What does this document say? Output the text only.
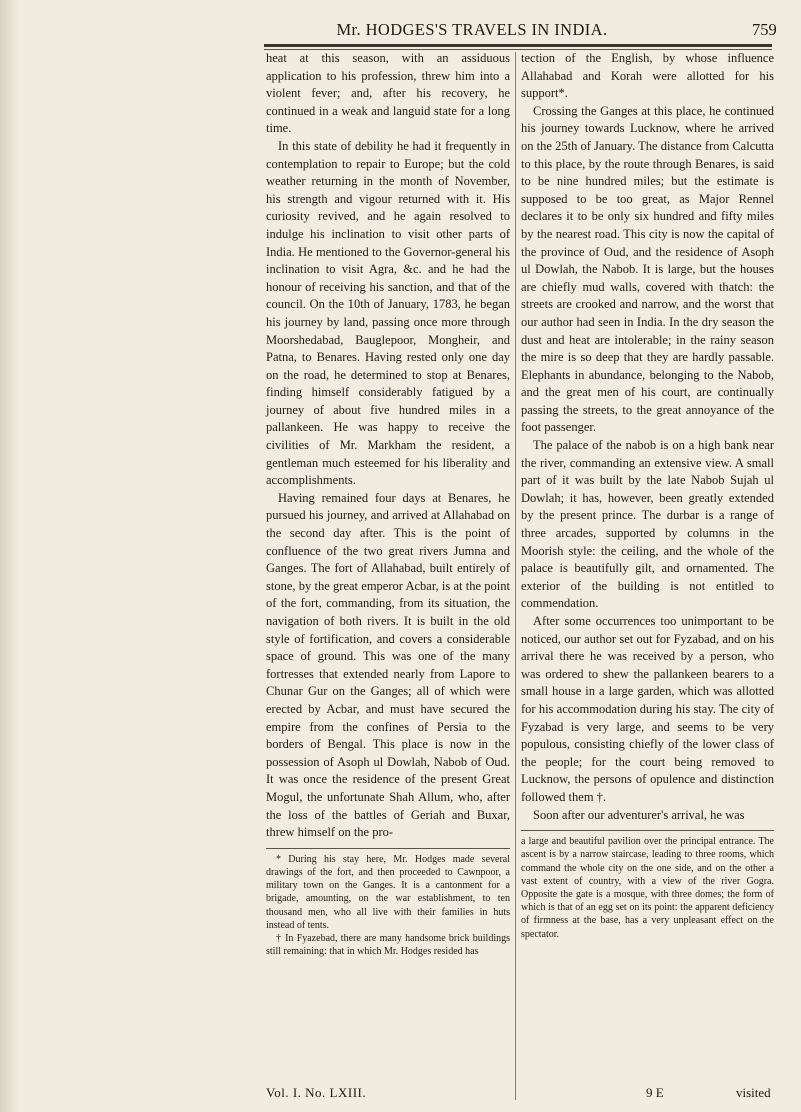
Mr. HODGES'S TRAVELS IN INDIA.	759

heat at this season, with an assiduous application to his profession, threw him into a violent fever; and, after his recovery, he continued in a weak and languid state for a long time.

In this state of debility he had it frequently in contemplation to repair to Europe; but the cold weather returning in the month of November, his strength and vigour returned with it. His curiosity revived, and he again resolved to indulge his inclination to visit other parts of India. He mentioned to the Governor-general his inclination to visit Agra, &c. and he had the honour of receiving his sanction, and that of the council. On the 10th of January, 1783, he began his journey by land, passing once more through Moorshedabad, Bauglepoor, Mongheir, and Patna, to Benares. Having rested only one day on the road, he determined to stop at Benares, finding himself considerably fatigued by a journey of about five hundred miles in a pallankeen. He was happy to receive the civilities of Mr. Markham the resident, a gentleman much esteemed for his liberality and accomplishments.

Having remained four days at Benares, he pursued his journey, and arrived at Allahabad on the second day after. This is the point of confluence of the two great rivers Jumna and Ganges. The fort of Allahabad, built entirely of stone, by the great emperor Acbar, is at the point of the fort, commanding, from its situation, the navigation of both rivers. It is built in the old style of fortification, and covers a considerable space of ground. This was one of the many fortresses that extended nearly from Lapore to Chunar Gur on the Ganges; all of which were erected by Acbar, and must have secured the empire from the confines of Persia to the borders of Bengal. This place is now in the possession of Asoph ul Dowlah, Nabob of Oud. It was once the residence of the present Great Mogul, the unfortunate Shah Allum, who, after the loss of the battles of Geriah and Buxar, threw himself on the pro-

* During his stay here, Mr. Hodges made several drawings of the fort, and then proceeded to Cawnpoor, a military town on the Ganges. It is a cantonment for a brigade, amounting, on the war establishment, to ten thousand men, who all live with their families in huts instead of tents.

† In Fyazebad, there are many handsome brick buildings still remaining: that in which Mr. Hodges resided has

tection of the English, by whose influence Allahabad and Korah were allotted for his support*.

Crossing the Ganges at this place, he continued his journey towards Lucknow, where he arrived on the 25th of January. The distance from Calcutta to this place, by the route through Benares, is said to be nine hundred miles; but the estimate is supposed to be too great, as Major Rennel declares it to be only six hundred and fifty miles by the nearest road. This city is now the capital of the province of Oud, and the residence of Asoph ul Dowlah, the Nabob. It is large, but the houses are chiefly mud walls, covered with thatch: the streets are crooked and narrow, and the worst that our author had seen in India. In the dry season the dust and heat are intolerable; in the rainy season the mire is so deep that they are hardly passable. Elephants in abundance, belonging to the Nabob, and the great men of his court, are continually passing the streets, to the great annoyance of the foot passenger.

The palace of the nabob is on a high bank near the river, commanding an extensive view. A small part of it was built by the late Nabob Sujah ul Dowlah; it has, however, been greatly extended by the present prince. The durbar is a range of three arcades, supported by columns in the Moorish style: the ceiling, and the whole of the palace is beautifully gilt, and ornamented. The exterior of the building is not entitled to commendation.

After some occurrences too unimportant to be noticed, our author set out for Fyzabad, and on his arrival there he was received by a person, who was ordered to shew the pallankeen bearers to a small house in a large garden, which was allotted for his accommodation during his stay. The city of Fyzabad is very large, and seems to be very populous, consisting chiefly of the lower class of the people; for the court being removed to Lucknow, the persons of opulence and distinction followed them †.

Soon after our adventurer's arrival, he was

a large and beautiful pavilion over the principal entrance. The ascent is by a narrow staircase, leading to three rooms, which command the whole city on the one side, and on the other a vast extent of country, with a view of the river Gogra. Opposite the gate is a mosque, with three domes; the form of which is that of an egg set on its point: the apparent deficiency of firmness at the base, has a very unpleasant effect on the spectator.

Vol. I. No. LXIII.	9 E	visited
